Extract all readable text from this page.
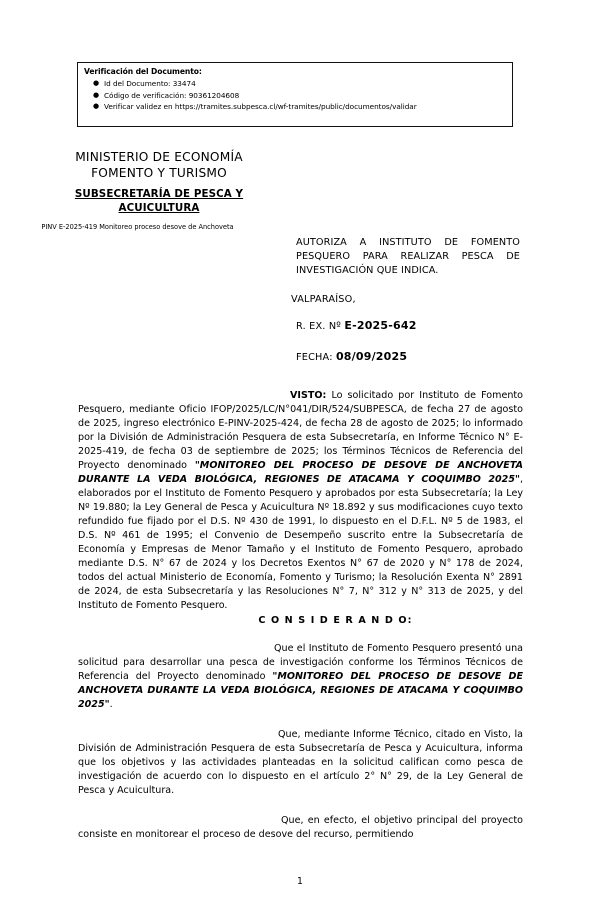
Verificación del Documento:
● Id del Documento: 33474
● Código de verificación: 90361204608
● Verificar validez en https://tramites.subpesca.cl/wf-tramites/public/documentos/validar
MINISTERIO DE ECONOMÍA
FOMENTO Y TURISMO
SUBSECRETARÍA DE PESCA Y
ACUICULTURA
PINV E-2025-419 Monitoreo proceso desove de Anchoveta
AUTORIZA A INSTITUTO DE FOMENTO PESQUERO PARA REALIZAR PESCA DE INVESTIGACIÓN QUE INDICA.
VALPARAÍSO,
R. EX. Nº E-2025-642
FECHA: 08/09/2025

VISTO: Lo solicitado por Instituto de Fomento Pesquero, mediante Oficio IFOP/2025/LC/N°041/DIR/524/SUBPESCA, de fecha 27 de agosto de 2025, ingreso electrónico E-PINV-2025-424, de fecha 28 de agosto de 2025; lo informado por la División de Administración Pesquera de esta Subsecretaría, en Informe Técnico N° E-2025-419, de fecha 03 de septiembre de 2025; los Términos Técnicos de Referencia del Proyecto denominado "MONITOREO DEL PROCESO DE DESOVE DE ANCHOVETA DURANTE LA VEDA BIOLÓGICA, REGIONES DE ATACAMA Y COQUIMBO 2025", elaborados por el Instituto de Fomento Pesquero y aprobados por esta Subsecretaría; la Ley Nº 19.880; la Ley General de Pesca y Acuicultura Nº 18.892 y sus modificaciones cuyo texto refundido fue fijado por el D.S. Nº 430 de 1991, lo dispuesto en el D.F.L. Nº 5 de 1983, el D.S. Nº 461 de 1995; el Convenio de Desempeño suscrito entre la Subsecretaría de Economía y Empresas de Menor Tamaño y el Instituto de Fomento Pesquero, aprobado mediante D.S. N° 67 de 2024 y los Decretos Exentos N° 67 de 2020 y N° 178 de 2024, todos del actual Ministerio de Economía, Fomento y Turismo; la Resolución Exenta N° 2891 de 2024, de esta Subsecretaría y las Resoluciones N° 7, N° 312 y N° 313 de 2025, y del Instituto de Fomento Pesquero.

C O N S I D E R A N D O:

Que el Instituto de Fomento Pesquero presentó una solicitud para desarrollar una pesca de investigación conforme los Términos Técnicos de Referencia del Proyecto denominado "MONITOREO DEL PROCESO DE DESOVE DE ANCHOVETA DURANTE LA VEDA BIOLÓGICA, REGIONES DE ATACAMA Y COQUIMBO 2025".

Que, mediante Informe Técnico, citado en Visto, la División de Administración Pesquera de esta Subsecretaría de Pesca y Acuicultura, informa que los objetivos y las actividades planteadas en la solicitud califican como pesca de investigación de acuerdo con lo dispuesto en el artículo 2° N° 29, de la Ley General de Pesca y Acuicultura.

Que, en efecto, el objetivo principal del proyecto consiste en monitorear el proceso de desove del recurso, permitiendo

1
